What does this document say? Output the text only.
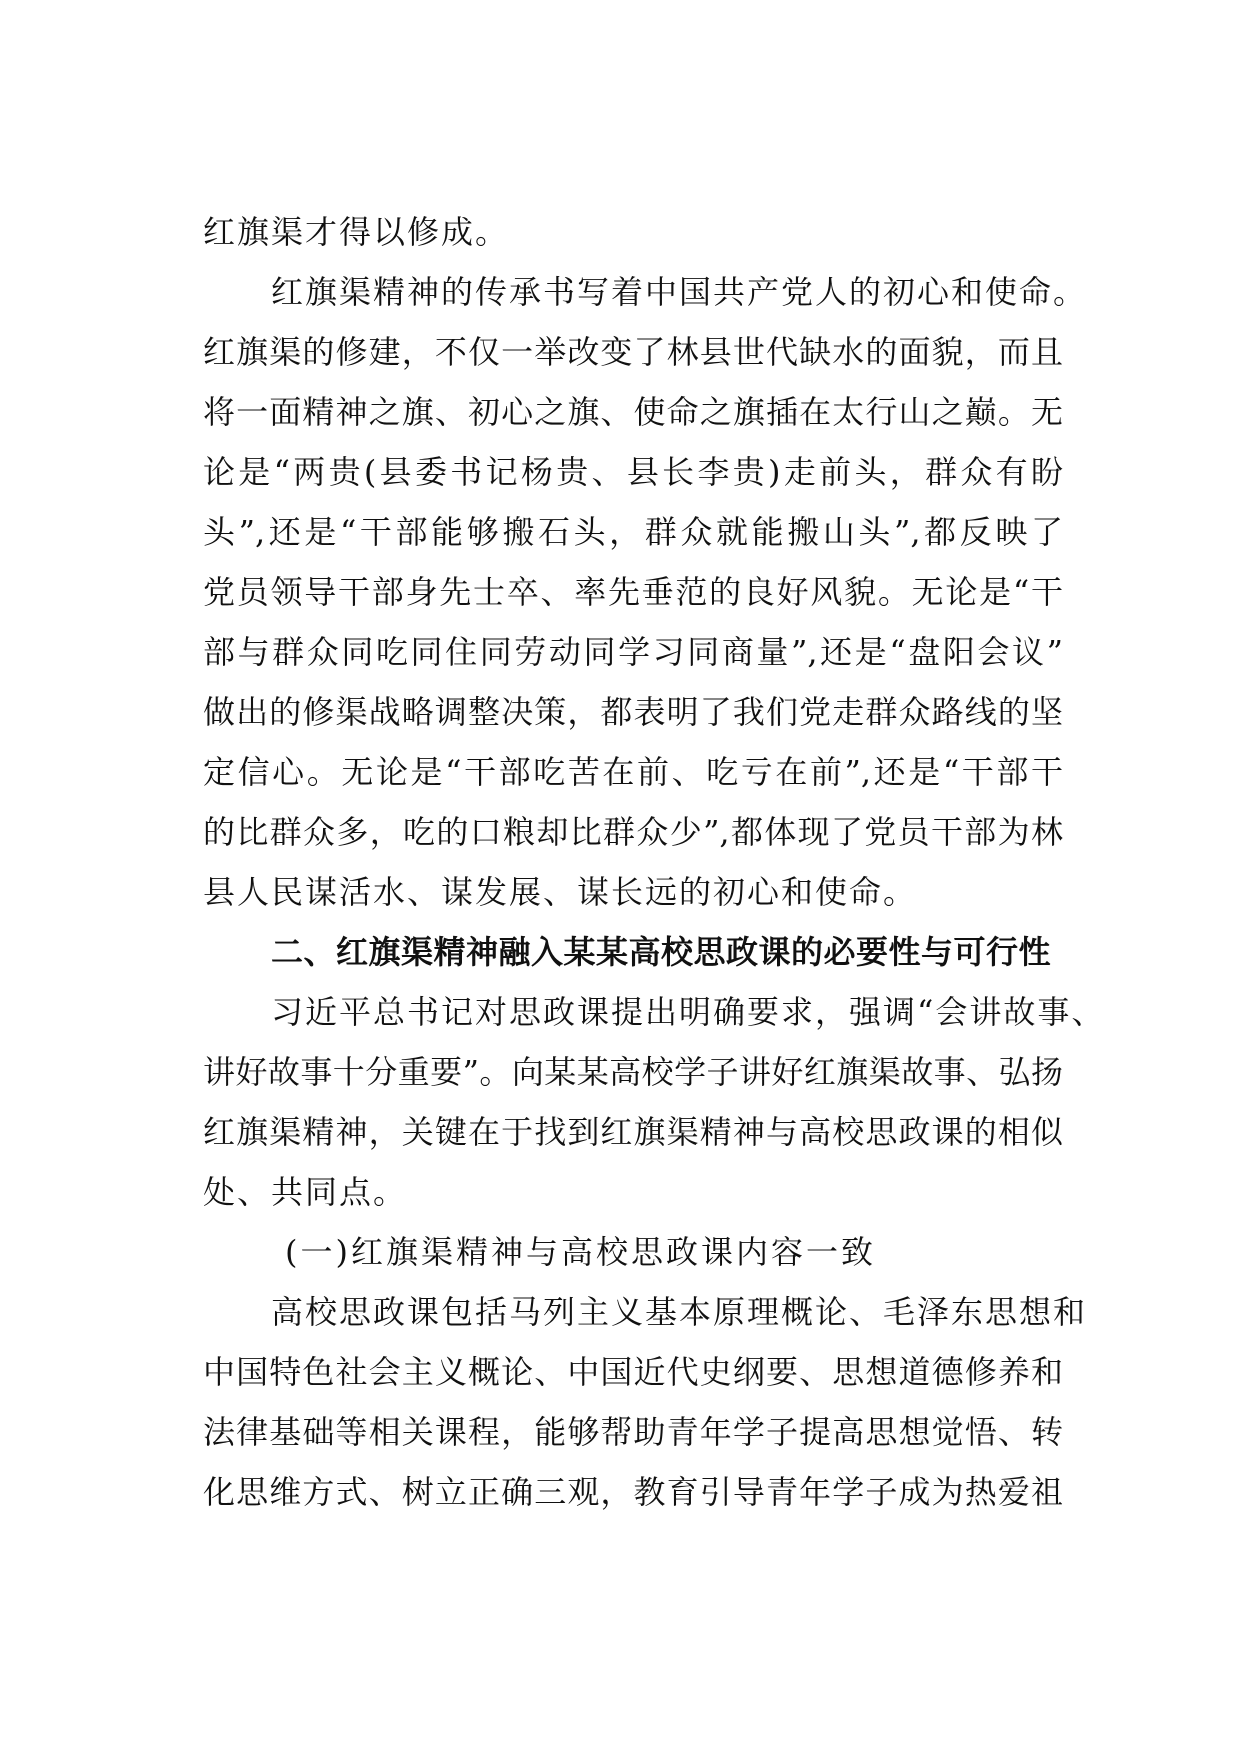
红旗渠才得以修成。
红旗渠精神的传承书写着中国共产党人的初心和使命。
红旗渠的修建，不仅一举改变了林县世代缺水的面貌，而且
将一面精神之旗、初心之旗、使命之旗插在太行山之巅。无
论是“两贵(县委书记杨贵、县长李贵)走前头，群众有盼
头”,还是“干部能够搬石头，群众就能搬山头”,都反映了
党员领导干部身先士卒、率先垂范的良好风貌。无论是“干
部与群众同吃同住同劳动同学习同商量”,还是“盘阳会议”
做出的修渠战略调整决策，都表明了我们党走群众路线的坚
定信心。无论是“干部吃苦在前、吃亏在前”,还是“干部干
的比群众多，吃的口粮却比群众少”,都体现了党员干部为林
县人民谋活水、谋发展、谋长远的初心和使命。
二、红旗渠精神融入某某高校思政课的必要性与可行性
习近平总书记对思政课提出明确要求，强调“会讲故事、
讲好故事十分重要”。向某某高校学子讲好红旗渠故事、弘扬
红旗渠精神，关键在于找到红旗渠精神与高校思政课的相似
处、共同点。
(一)红旗渠精神与高校思政课内容一致
高校思政课包括马列主义基本原理概论、毛泽东思想和
中国特色社会主义概论、中国近代史纲要、思想道德修养和
法律基础等相关课程，能够帮助青年学子提高思想觉悟、转
化思维方式、树立正确三观，教育引导青年学子成为热爱祖
